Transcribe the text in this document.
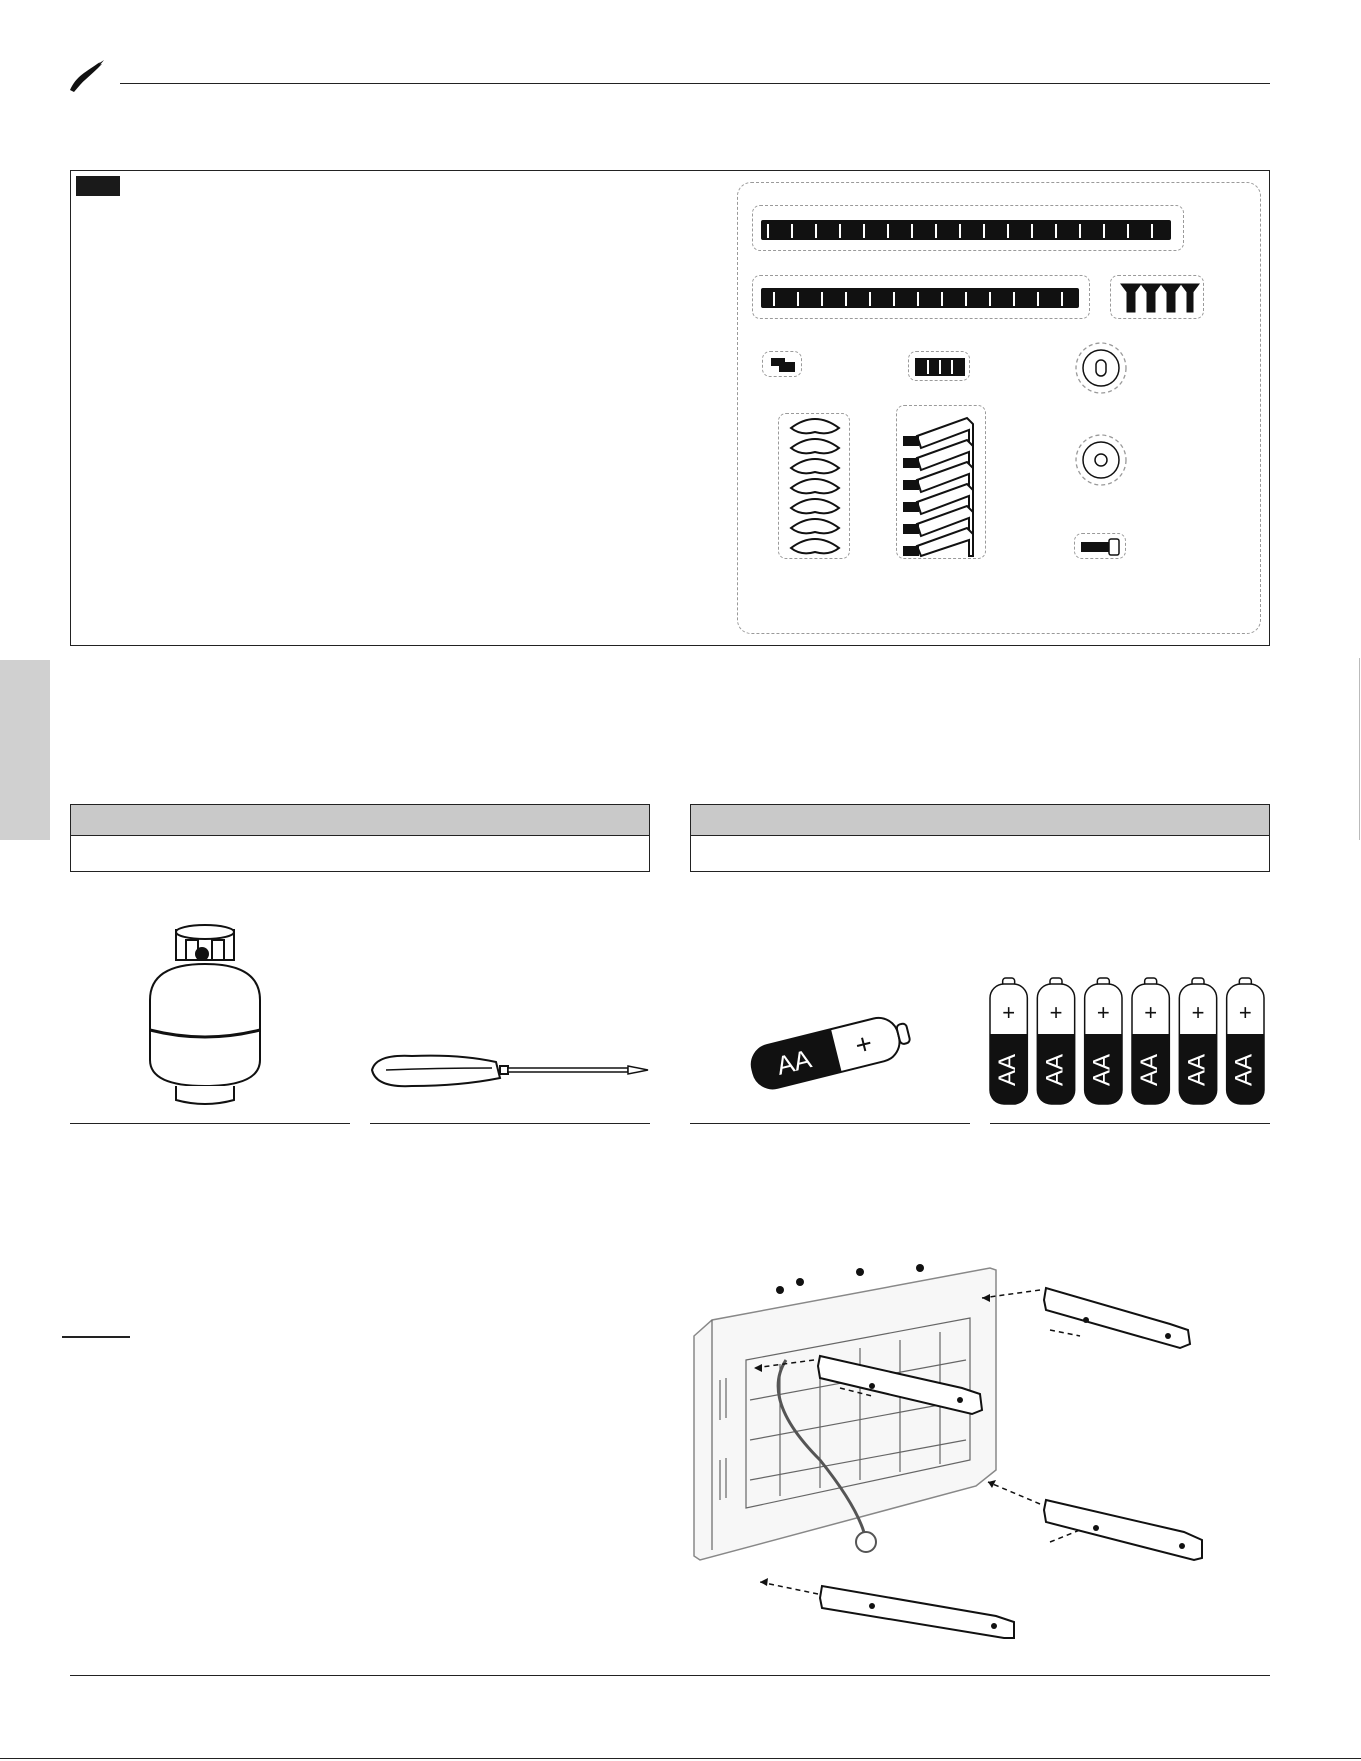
AA +
+
AA
+
AA
+
AA
+
AA
+
AA
+
AA
